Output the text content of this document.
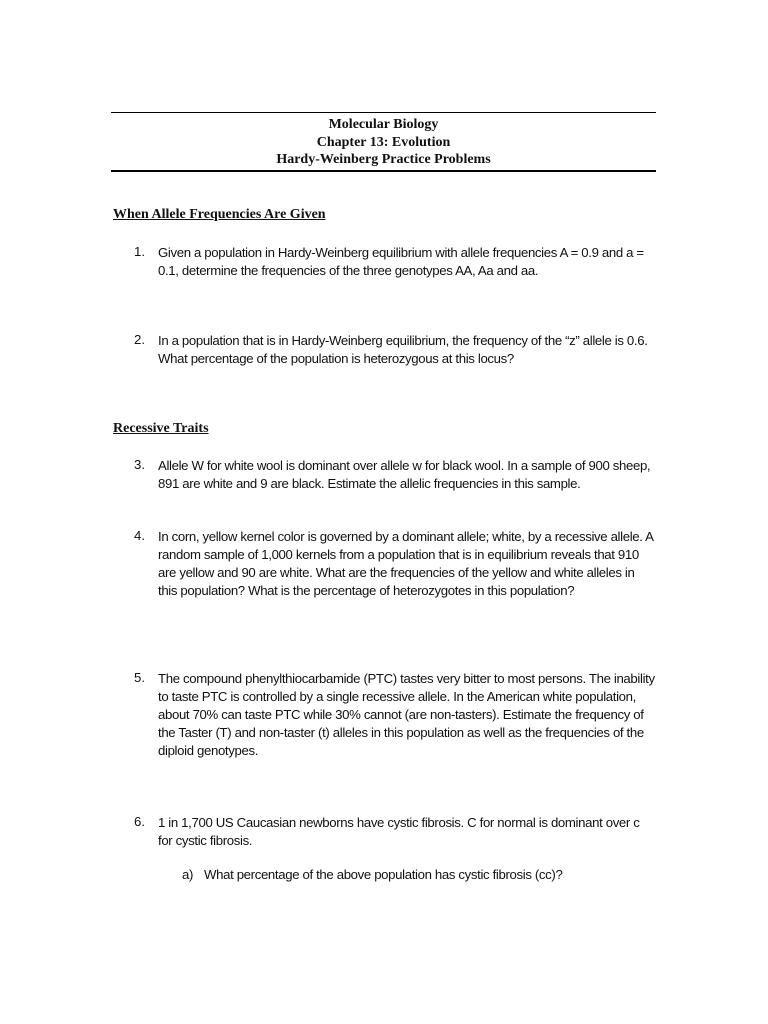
Molecular Biology
Chapter 13: Evolution
Hardy-Weinberg Practice Problems
When Allele Frequencies Are Given
1. Given a population in Hardy-Weinberg equilibrium with allele frequencies A = 0.9 and a = 0.1, determine the frequencies of the three genotypes AA, Aa and aa.
2. In a population that is in Hardy-Weinberg equilibrium, the frequency of the “z” allele is 0.6. What percentage of the population is heterozygous at this locus?
Recessive Traits
3. Allele W for white wool is dominant over allele w for black wool. In a sample of 900 sheep, 891 are white and 9 are black. Estimate the allelic frequencies in this sample.
4. In corn, yellow kernel color is governed by a dominant allele; white, by a recessive allele. A random sample of 1,000 kernels from a population that is in equilibrium reveals that 910 are yellow and 90 are white. What are the frequencies of the yellow and white alleles in this population? What is the percentage of heterozygotes in this population?
5. The compound phenylthiocarbamide (PTC) tastes very bitter to most persons. The inability to taste PTC is controlled by a single recessive allele. In the American white population, about 70% can taste PTC while 30% cannot (are non-tasters). Estimate the frequency of the Taster (T) and non-taster (t) alleles in this population as well as the frequencies of the diploid genotypes.
6. 1 in 1,700 US Caucasian newborns have cystic fibrosis. C for normal is dominant over c for cystic fibrosis.
a) What percentage of the above population has cystic fibrosis (cc)?
